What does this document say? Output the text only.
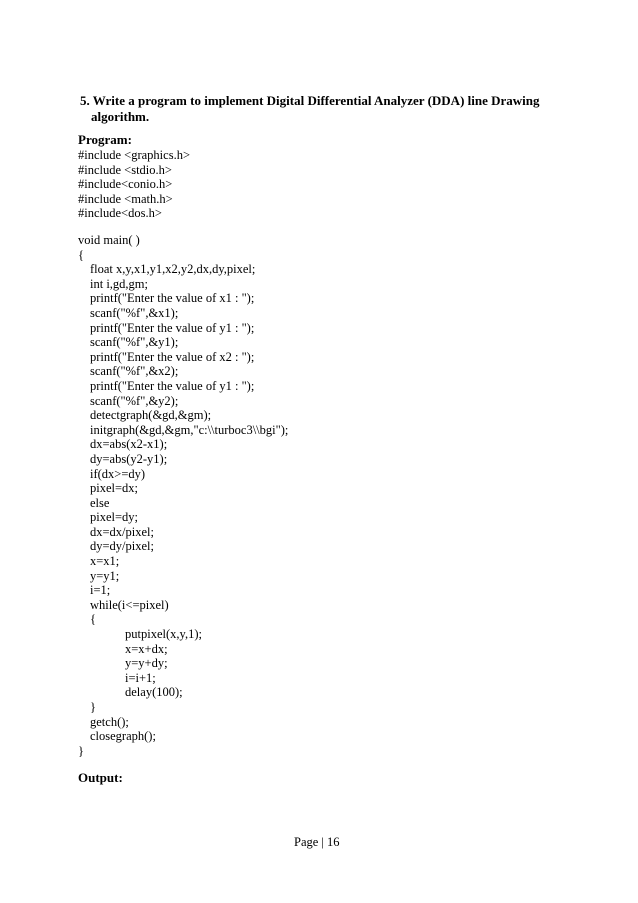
5. Write a program to implement Digital Differential Analyzer (DDA) line Drawing
algorithm.
Program:
#include <graphics.h>
#include <stdio.h>
#include<conio.h>
#include <math.h>
#include<dos.h>
void main( )
{
float x,y,x1,y1,x2,y2,dx,dy,pixel;
int i,gd,gm;
printf("Enter the value of x1 : ");
scanf("%f",&x1);
printf("Enter the value of y1 : ");
scanf("%f",&y1);
printf("Enter the value of x2 : ");
scanf("%f",&x2);
printf("Enter the value of y1 : ");
scanf("%f",&y2);
detectgraph(&gd,&gm);
initgraph(&gd,&gm,"c:\\turboc3\\bgi");
dx=abs(x2-x1);
dy=abs(y2-y1);
if(dx>=dy)
pixel=dx;
else
pixel=dy;
dx=dx/pixel;
dy=dy/pixel;
x=x1;
y=y1;
i=1;
while(i<=pixel)
{
putpixel(x,y,1);
x=x+dx;
y=y+dy;
i=i+1;
delay(100);
}
getch();
closegraph();
}
Output:
Page | 16
